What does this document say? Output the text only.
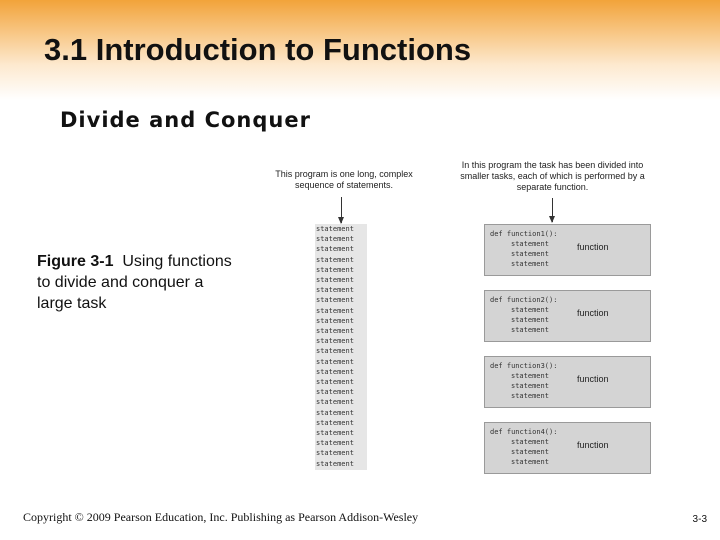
3.1 Introduction to Functions
Divide and Conquer
Figure 3-1 Using functions to divide and conquer a large task
This program is one long, complex sequence of statements.
In this program the task has been divided into smaller tasks, each of which is performed by a separate function.
statement
statement
statement
statement
statement
statement
statement
statement
statement
statement
statement
statement
statement
statement
statement
statement
statement
statement
statement
statement
statement
statement
statement
statement
def function1():
statement
statement
statement
function
def function2():
statement
statement
statement
function
def function3():
statement
statement
statement
function
def function4():
statement
statement
statement
function
Copyright © 2009 Pearson Education, Inc. Publishing as Pearson Addison-Wesley	3-3
